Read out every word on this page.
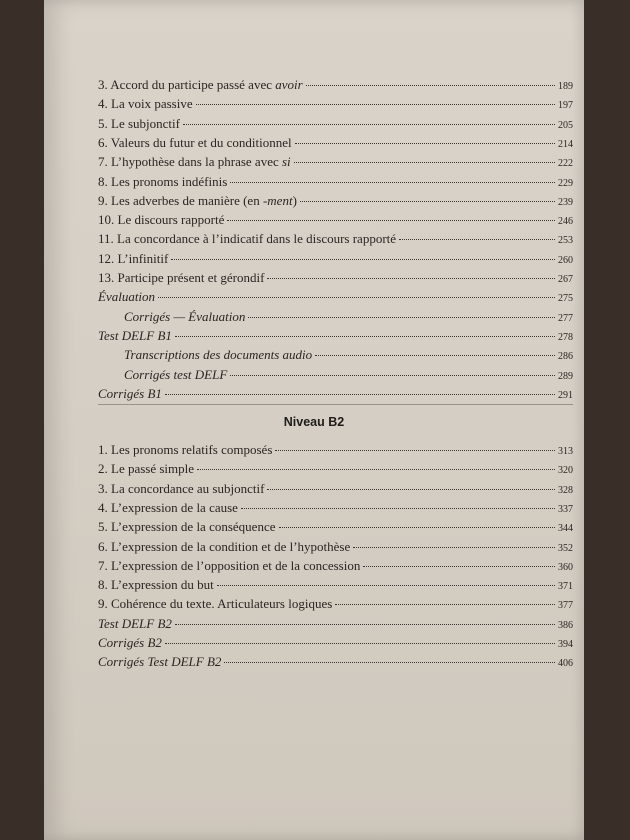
3. Accord du participe passé avec avoir	189
4. La voix passive	197
5. Le subjonctif	205
6. Valeurs du futur et du conditionnel	214
7. L’hypothèse dans la phrase avec si	222
8. Les pronoms indéfinis	229
9. Les adverbes de manière (en -ment)	239
10. Le discours rapporté	246
11. La concordance à l’indicatif dans le discours rapporté	253
12. L’infinitif	260
13. Participe présent et gérondif	267
Évaluation	275
Corrigés — Évaluation	277
Test DELF B1	278
Transcriptions des documents audio	286
Corrigés test DELF	289
Corrigés B1	291
Niveau B2
1. Les pronoms relatifs composés	313
2. Le passé simple	320
3. La concordance au subjonctif	328
4. L’expression de la cause	337
5. L’expression de la conséquence	344
6. L’expression de la condition et de l’hypothèse	352
7. L’expression de l’opposition et de la concession	360
8. L’expression du but	371
9. Cohérence du texte. Articulateurs logiques	377
Test DELF B2	386
Corrigés B2	394
Corrigés Test DELF B2	406
